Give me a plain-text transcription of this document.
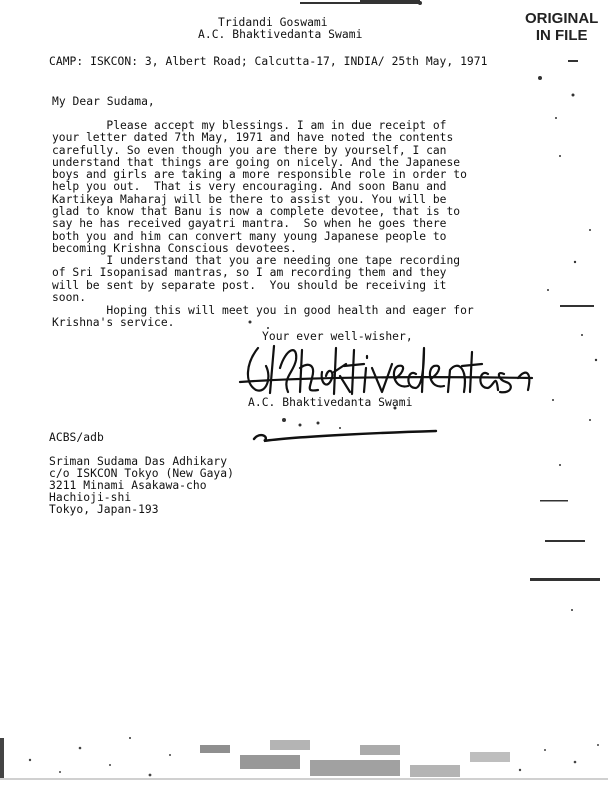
Tridandi Goswami
A.C. Bhaktivedanta Swami
ORIGINAL
IN FILE
CAMP: ISKCON: 3, Albert Road; Calcutta-17, INDIA/ 25th May, 1971
My Dear Sudama,
Please accept my blessings. I am in due receipt of
your letter dated 7th May, 1971 and have noted the contents
carefully. So even though you are there by yourself, I can
understand that things are going on nicely. And the Japanese
boys and girls are taking a more responsible role in order to
help you out.  That is very encouraging. And soon Banu and
Kartikeya Maharaj will be there to assist you. You will be
glad to know that Banu is now a complete devotee, that is to
say he has received gayatri mantra.  So when he goes there
both you and him can convert many young Japanese people to
becoming Krishna Conscious devotees.
I understand that you are needing one tape recording
of Sri Isopanisad mantras, so I am recording them and they
will be sent by separate post.  You should be receiving it
soon.
Hoping this will meet you in good health and eager for
Krishna's service.
Your ever well-wisher,
A.C. Bhaktivedanta Swami
ACBS/adb
Sriman Sudama Das Adhikary
c/o ISKCON Tokyo (New Gaya)
3211 Minami Asakawa-cho
Hachioji-shi
Tokyo, Japan-193
